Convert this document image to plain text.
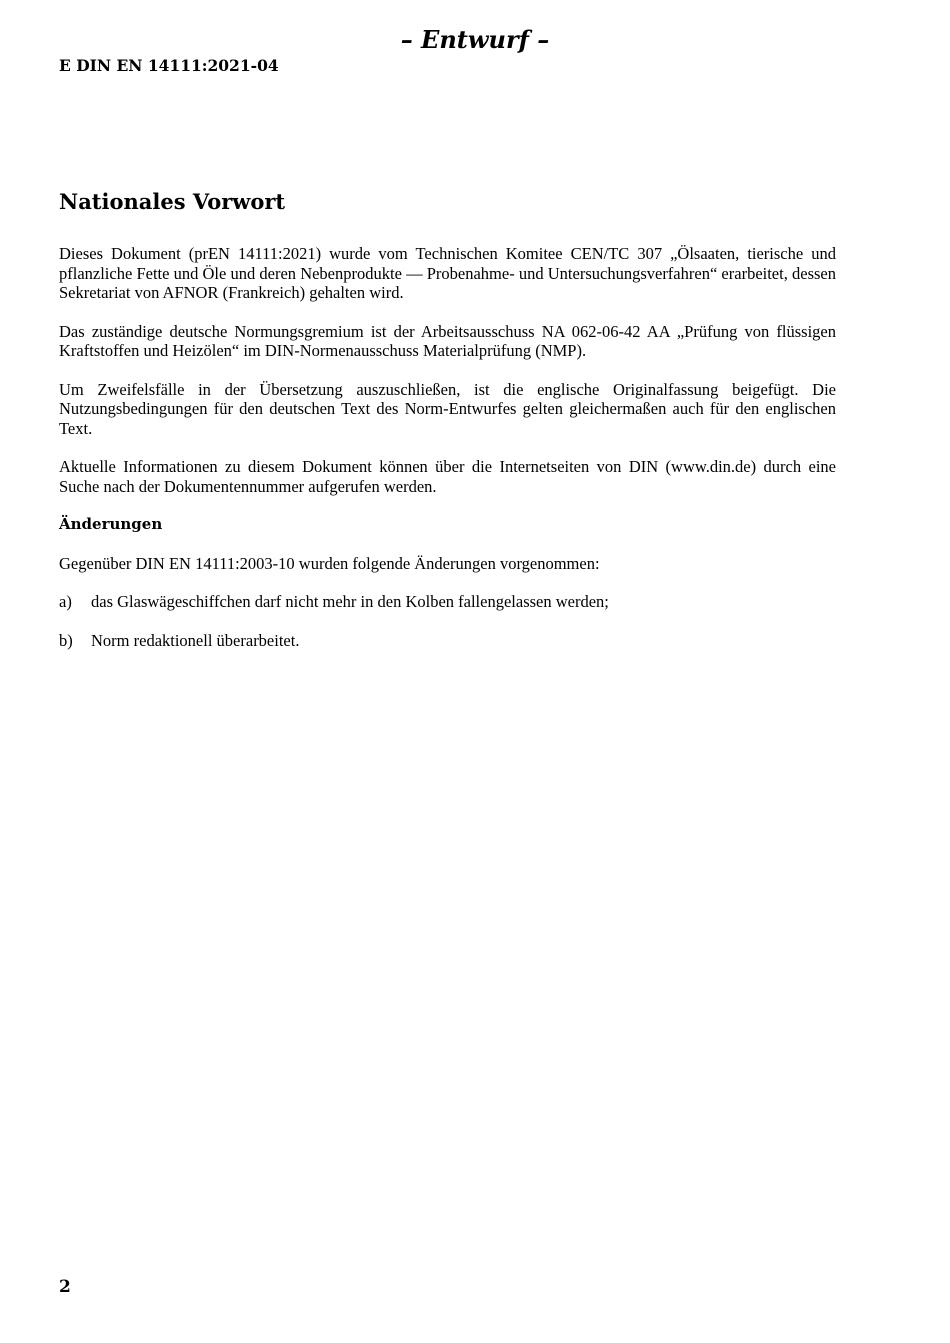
– Entwurf –
E DIN EN 14111:2021-04
Nationales Vorwort

Dieses Dokument (prEN 14111:2021) wurde vom Technischen Komitee CEN/TC 307 „Ölsaaten, tierische und pflanzliche Fette und Öle und deren Nebenprodukte — Probenahme- und Untersuchungsverfahren“ erarbeitet, dessen Sekretariat von AFNOR (Frankreich) gehalten wird.

Das zuständige deutsche Normungsgremium ist der Arbeitsausschuss NA 062-06-42 AA „Prüfung von flüssigen Kraftstoffen und Heizölen“ im DIN-Normenausschuss Materialprüfung (NMP).

Um Zweifelsfälle in der Übersetzung auszuschließen, ist die englische Originalfassung beigefügt. Die Nutzungsbedingungen für den deutschen Text des Norm-Entwurfes gelten gleichermaßen auch für den englischen Text.

Aktuelle Informationen zu diesem Dokument können über die Internetseiten von DIN (www.din.de) durch eine Suche nach der Dokumentennummer aufgerufen werden.

Änderungen

Gegenüber DIN EN 14111:2003-10 wurden folgende Änderungen vorgenommen:

a)	das Glaswägeschiffchen darf nicht mehr in den Kolben fallengelassen werden;
b)	Norm redaktionell überarbeitet.
2
